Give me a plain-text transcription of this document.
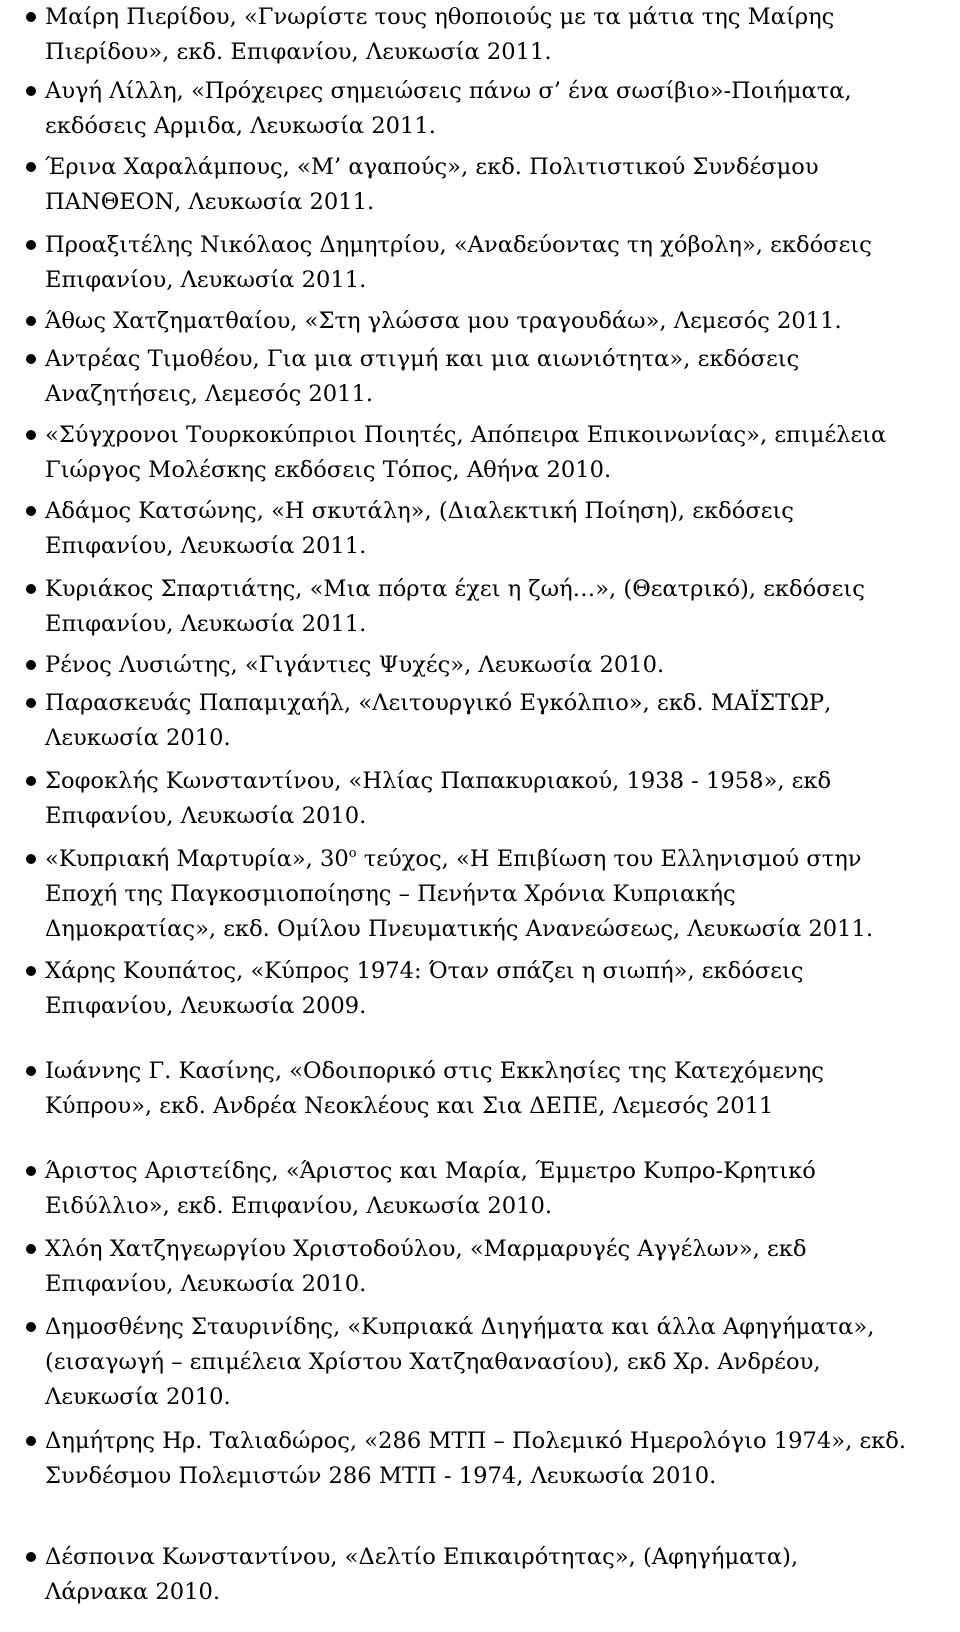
Μαίρη Πιερίδου, «Γνωρίστε τους ηθοποιούς με τα μάτια της Μαίρης
Πιερίδου», εκδ. Επιφανίου, Λευκωσία 2011.
Αυγή Λίλλη, «Πρόχειρες σημειώσεις πάνω σ’ ένα σωσίβιο»-Ποιήματα,
εκδόσεις Αρμιδα, Λευκωσία 2011.
Έρινα Χαραλάμπους, «Μ’ αγαπούς», εκδ. Πολιτιστικού Συνδέσμου
ΠΑΝΘΕΟΝ, Λευκωσία 2011.
Προαξιτέλης Νικόλαος Δημητρίου, «Αναδεύοντας τη χόβολη», εκδόσεις
Επιφανίου, Λευκωσία 2011.
Άθως Χατζηματθαίου, «Στη γλώσσα μου τραγουδάω», Λεμεσός 2011.
Αντρέας Τιμοθέου, Για μια στιγμή και μια αιωνιότητα», εκδόσεις
Αναζητήσεις, Λεμεσός 2011.
«Σύγχρονοι Τουρκοκύπριοι Ποιητές, Απόπειρα Επικοινωνίας», επιμέλεια
Γιώργος Μολέσκης εκδόσεις Τόπος, Αθήνα 2010.
Αδάμος Κατσώνης, «Η σκυτάλη», (Διαλεκτική Ποίηση), εκδόσεις
Επιφανίου, Λευκωσία 2011.
Κυριάκος Σπαρτιάτης, «Μια πόρτα έχει η ζωή…», (Θεατρικό), εκδόσεις
Επιφανίου, Λευκωσία 2011.
Ρένος Λυσιώτης, «Γιγάντιες Ψυχές», Λευκωσία 2010.
Παρασκευάς Παπαμιχαήλ, «Λειτουργικό Εγκόλπιο», εκδ. ΜΑΪΣΤΩΡ,
Λευκωσία 2010.
Σοφοκλής Κωνσταντίνου, «Ηλίας Παπακυριακού, 1938 - 1958», εκδ
Επιφανίου, Λευκωσία 2010.
«Κυπριακή Μαρτυρία», $30^o$ τεύχος, «Η Επιβίωση του Ελληνισμού στην
Εποχή της Παγκοσμιοποίησης – Πενήντα Χρόνια Κυπριακής
Δημοκρατίας», εκδ. Ομίλου Πνευματικής Ανανεώσεως, Λευκωσία 2011.
Χάρης Κουπάτος, «Κύπρος 1974: Όταν σπάζει η σιωπή», εκδόσεις
Επιφανίου, Λευκωσία 2009.
Ιωάννης Γ. Κασίνης, «Οδοιπορικό στις Εκκλησίες της Κατεχόμενης
Κύπρου», εκδ. Ανδρέα Νεοκλέους και Σια ΔΕΠΕ, Λεμεσός 2011
Άριστος Αριστείδης, «Άριστος και Μαρία, Έμμετρο Κυπρο-Κρητικό
Ειδύλλιο», εκδ. Επιφανίου, Λευκωσία 2010.
Χλόη Χατζηγεωργίου Χριστοδούλου, «Μαρμαρυγές Αγγέλων», εκδ
Επιφανίου, Λευκωσία 2010.
Δημοσθένης Σταυρινίδης, «Κυπριακά Διηγήματα και άλλα Αφηγήματα»,
(εισαγωγή – επιμέλεια Χρίστου Χατζηαθανασίου), εκδ Χρ. Ανδρέου,
Λευκωσία 2010.
Δημήτρης Ηρ. Ταλιαδώρος, «286 ΜΤΠ – Πολεμικό Ημερολόγιο 1974», εκδ.
Συνδέσμου Πολεμιστών 286 ΜΤΠ - 1974, Λευκωσία 2010.
Δέσποινα Κωνσταντίνου, «Δελτίο Επικαιρότητας», (Αφηγήματα),
Λάρνακα 2010.
